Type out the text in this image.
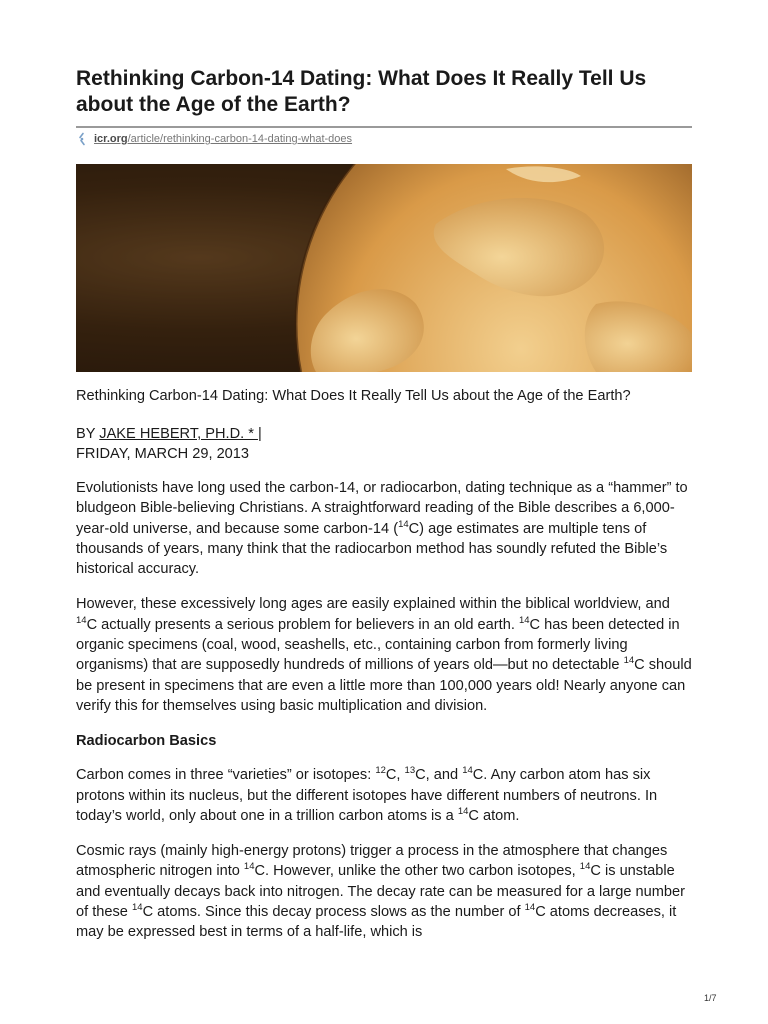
Rethinking Carbon-14 Dating: What Does It Really Tell Us about the Age of the Earth?
icr.org/article/rethinking-carbon-14-dating-what-does
Rethinking Carbon-14 Dating: What Does It Really Tell Us about the Age of the Earth?
BY JAKE HEBERT, PH.D. * |
FRIDAY, MARCH 29, 2013

Evolutionists have long used the carbon-14, or radiocarbon, dating technique as a “hammer” to bludgeon Bible-believing Christians. A straightforward reading of the Bible describes a 6,000-year-old universe, and because some carbon-14 ($^{14}$C) age estimates are multiple tens of thousands of years, many think that the radiocarbon method has soundly refuted the Bible’s historical accuracy.

However, these excessively long ages are easily explained within the biblical worldview, and $^{14}$C actually presents a serious problem for believers in an old earth. $^{14}$C has been detected in organic specimens (coal, wood, seashells, etc., containing carbon from formerly living organisms) that are supposedly hundreds of millions of years old—but no detectable $^{14}$C should be present in specimens that are even a little more than 100,000 years old! Nearly anyone can verify this for themselves using basic multiplication and division.

Radiocarbon Basics

Carbon comes in three “varieties” or isotopes: $^{12}$C, $^{13}$C, and $^{14}$C. Any carbon atom has six protons within its nucleus, but the different isotopes have different numbers of neutrons. In today’s world, only about one in a trillion carbon atoms is a $^{14}$C atom.

Cosmic rays (mainly high-energy protons) trigger a process in the atmosphere that changes atmospheric nitrogen into $^{14}$C. However, unlike the other two carbon isotopes, $^{14}$C is unstable and eventually decays back into nitrogen. The decay rate can be measured for a large number of these $^{14}$C atoms. Since this decay process slows as the number of $^{14}$C atoms decreases, it may be expressed best in terms of a half-life, which is

1/7
